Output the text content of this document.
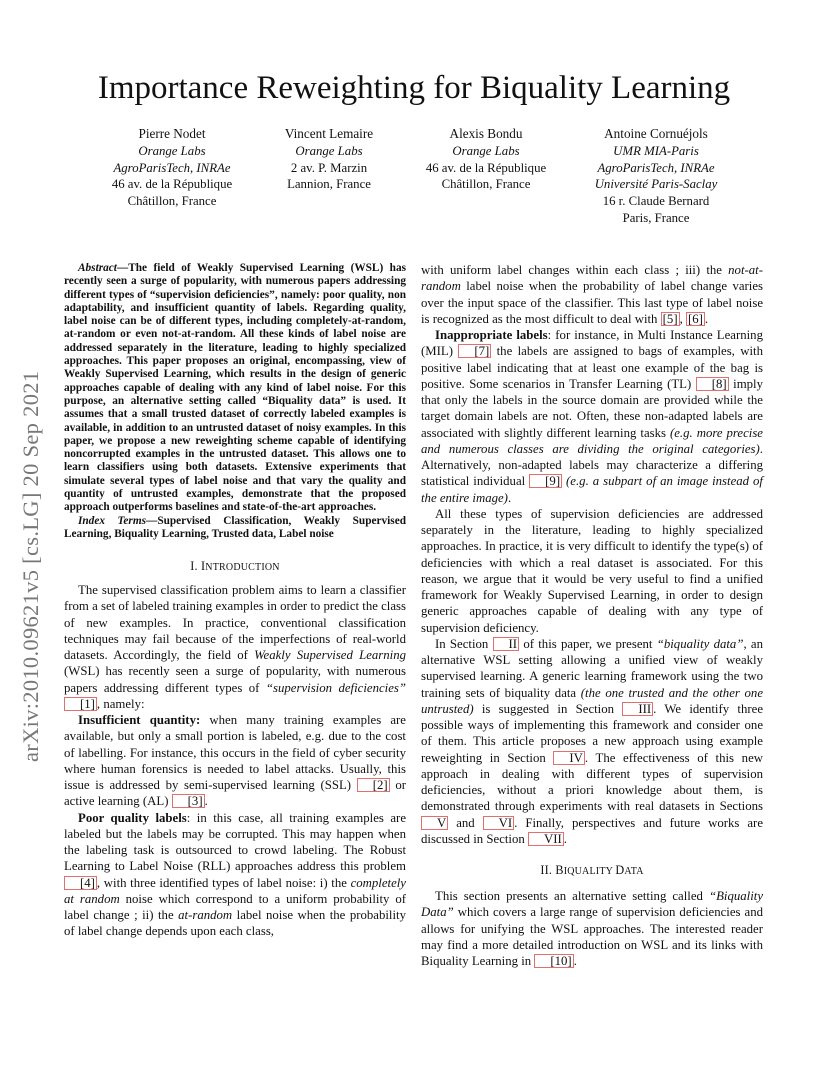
arXiv:2010.09621v5 [cs.LG] 20 Sep 2021
Importance Reweighting for Biquality Learning
Pierre Nodet
Orange Labs
AgroParisTech, INRAe
46 av. de la République
Châtillon, France
Vincent Lemaire
Orange Labs
2 av. P. Marzin
Lannion, France
Alexis Bondu
Orange Labs
46 av. de la République
Châtillon, France
Antoine Cornuéjols
UMR MIA-Paris
AgroParisTech, INRAe
Université Paris-Saclay
16 r. Claude Bernard
Paris, France

Abstract—The field of Weakly Supervised Learning (WSL) has recently seen a surge of popularity, with numerous papers addressing different types of “supervision deficiencies”, namely: poor quality, non adaptability, and insufficient quantity of labels. Regarding quality, label noise can be of different types, including completely-at-random, at-random or even not-at-random. All these kinds of label noise are addressed separately in the literature, leading to highly specialized approaches. This paper proposes an original, encompassing, view of Weakly Supervised Learning, which results in the design of generic approaches capable of dealing with any kind of label noise. For this purpose, an alternative setting called “Biquality data” is used. It assumes that a small trusted dataset of correctly labeled examples is available, in addition to an untrusted dataset of noisy examples. In this paper, we propose a new reweighting scheme capable of identifying noncorrupted examples in the untrusted dataset. This allows one to learn classifiers using both datasets. Extensive experiments that simulate several types of label noise and that vary the quality and quantity of untrusted examples, demonstrate that the proposed approach outperforms baselines and state-of-the-art approaches.

Index Terms—Supervised Classification, Weakly Supervised Learning, Biquality Learning, Trusted data, Label noise

I. INTRODUCTION

The supervised classification problem aims to learn a classifier from a set of labeled training examples in order to predict the class of new examples. In practice, conventional classification techniques may fail because of the imperfections of real-world datasets. Accordingly, the field of Weakly Supervised Learning (WSL) has recently seen a surge of popularity, with numerous papers addressing different types of “supervision deficiencies” [1] , namely:

Insufficient quantity: when many training examples are available, but only a small portion is labeled, e.g. due to the cost of labelling. For instance, this occurs in the field of cyber security where human forensics is needed to label attacks. Usually, this issue is addressed by semi-supervised learning (SSL) [2] or active learning (AL) [3] .

Poor quality labels: in this case, all training examples are labeled but the labels may be corrupted. This may happen when the labeling task is outsourced to crowd labeling. The Robust Learning to Label Noise (RLL) approaches address this problem [4] , with three identified types of label noise: i) the completely at random noise which correspond to a uniform probability of label change ; ii) the at-random label noise when the probability of label change depends upon each class,

with uniform label changes within each class ; iii) the not-at-random label noise when the probability of label change varies over the input space of the classifier. This last type of label noise is recognized as the most difficult to deal with [5] , [6] .

Inappropriate labels: for instance, in Multi Instance Learning (MIL) [7] the labels are assigned to bags of examples, with positive label indicating that at least one example of the bag is positive. Some scenarios in Transfer Learning (TL) [8] imply that only the labels in the source domain are provided while the target domain labels are not. Often, these non-adapted labels are associated with slightly different learning tasks (e.g. more precise and numerous classes are dividing the original categories). Alternatively, non-adapted labels may characterize a differing statistical individual [9] (e.g. a subpart of an image instead of the entire image).

All these types of supervision deficiencies are addressed separately in the literature, leading to highly specialized approaches. In practice, it is very difficult to identify the type(s) of deficiencies with which a real dataset is associated. For this reason, we argue that it would be very useful to find a unified framework for Weakly Supervised Learning, in order to design generic approaches capable of dealing with any type of supervision deficiency.

In Section II of this paper, we present “biquality data”, an alternative WSL setting allowing a unified view of weakly supervised learning. A generic learning framework using the two training sets of biquality data (the one trusted and the other one untrusted) is suggested in Section III . We identify three possible ways of implementing this framework and consider one of them. This article proposes a new approach using example reweighting in Section IV . The effectiveness of this new approach in dealing with different types of supervision deficiencies, without a priori knowledge about them, is demonstrated through experiments with real datasets in Sections V and VI . Finally, perspectives and future works are discussed in Section VII .

II. BIQUALITY DATA

This section presents an alternative setting called “Biquality Data” which covers a large range of supervision deficiencies and allows for unifying the WSL approaches. The interested reader may find a more detailed introduction on WSL and its links with Biquality Learning in [10] .
